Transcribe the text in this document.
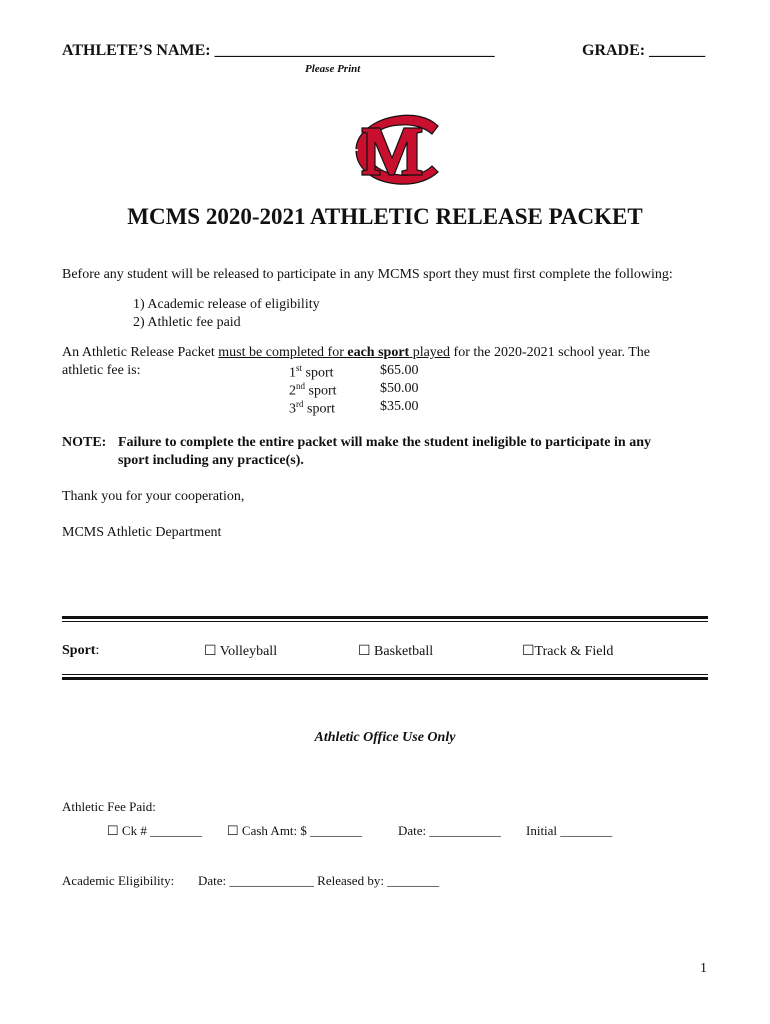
ATHLETE’S NAME: ___________________________________	GRADE: _______
Please Print
MCMS 2020-2021 ATHLETIC RELEASE PACKET
Before any student will be released to participate in any MCMS sport they must first complete the following:
1) Academic release of eligibility
2) Athletic fee paid
An Athletic Release Packet must be completed for each sport played for the 2020-2021 school year. The
athletic fee is:	1st sport	$65.00
2nd sport	$50.00
3rd sport	$35.00
NOTE: Failure to complete the entire packet will make the student ineligible to participate in any
sport including any practice(s).
Thank you for your cooperation,
MCMS Athletic Department
Sport:	☐ Volleyball	☐ Basketball	☐Track & Field
Athletic Office Use Only
Athletic Fee Paid:
☐ Ck # ________ ☐ Cash Amt: $ ________	Date: ___________ Initial ________
Academic Eligibility: Date: _____________ Released by: ________
1
